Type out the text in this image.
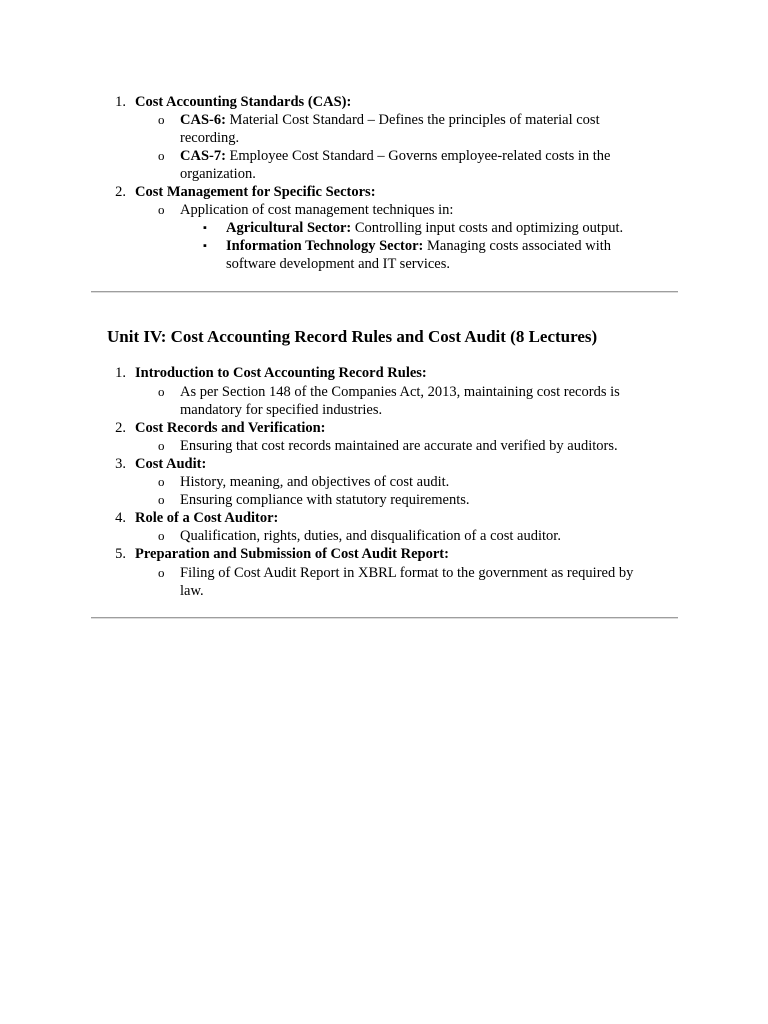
1. Cost Accounting Standards (CAS):
o CAS-6: Material Cost Standard – Defines the principles of material cost
recording.
o CAS-7: Employee Cost Standard – Governs employee-related costs in the
organization.
2. Cost Management for Specific Sectors:
o Application of cost management techniques in:
▪ Agricultural Sector: Controlling input costs and optimizing output.
▪ Information Technology Sector: Managing costs associated with
software development and IT services.
Unit IV: Cost Accounting Record Rules and Cost Audit (8 Lectures)
1. Introduction to Cost Accounting Record Rules:
o As per Section 148 of the Companies Act, 2013, maintaining cost records is
mandatory for specified industries.
2. Cost Records and Verification:
o Ensuring that cost records maintained are accurate and verified by auditors.
3. Cost Audit:
o History, meaning, and objectives of cost audit.
o Ensuring compliance with statutory requirements.
4. Role of a Cost Auditor:
o Qualification, rights, duties, and disqualification of a cost auditor.
5. Preparation and Submission of Cost Audit Report:
o Filing of Cost Audit Report in XBRL format to the government as required by
law.
